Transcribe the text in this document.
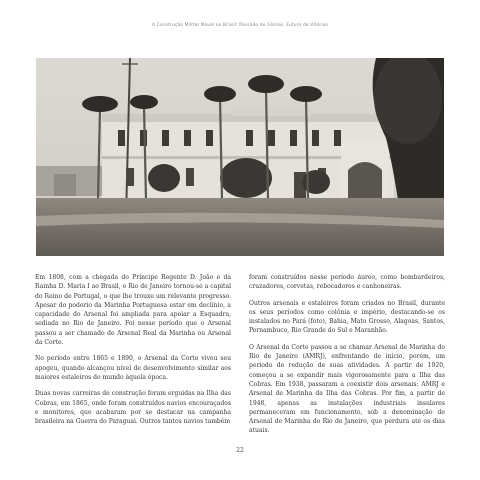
A Construção Militar Naval no Brasil: Passado de Glórias, Futuro de Vitórias

Em 1808, com a chegada do Príncipe Regente D. João e da Rainha D. Maria I ao Brasil, o Rio de Janeiro tornou-se a capital do Reino de Portugal, o que lhe trouxe um relevante progresso. Apesar do poderio da Marinha Portuguesa estar em declínio, a capacidade do Arsenal foi ampliada para apoiar a Esquadra, sediada no Rio de Janeiro. Foi nesse período que o Arsenal passou a ser chamado de Arsenal Real da Marinha ou Arsenal da Corte.

No período entre 1865 e 1890, o Arsenal da Corte viveu seu apogeu, quando alcançou nível de desenvolvimento similar aos maiores estaleiros do mundo àquela época.

Duas novas carreiras de construção foram erguidas na Ilha das Cobras, em 1865, onde foram construídos navios encouraçados e monitores, que acabaram por se destacar na campanha brasileira na Guerra do Paraguai. Outros tantos navios também

foram construídos nesse período áureo, como bombardeiros, cruzadores, corvetas, rebocadores e canhoneiras.

Outros arsenais e estaleiros foram criados no Brasil, durante os seus períodos como colônia e império, destacando-se os instalados no Pará (foto), Bahia, Mato Grosso, Alagoas, Santos, Pernambuco, Rio Grande do Sul e Maranhão.

O Arsenal da Corte passou a se chamar Arsenal de Marinha do Rio de Janeiro (AMRJ), enfrentando de início, porém, um período de redução de suas atividades. A partir de 1920, começou a se expandir mais vigorosamente para a Ilha das Cobras. Em 1938, passaram a coexistir dois arsenais: AMRJ e Arsenal de Marinha da Ilha das Cobras. Por fim, a partir de 1948, apenas as instalações industriais insulares permaneceram em funcionamento, sob a denominação de Arsenal de Marinha do Rio de Janeiro, que perdura até os dias atuais.

22
